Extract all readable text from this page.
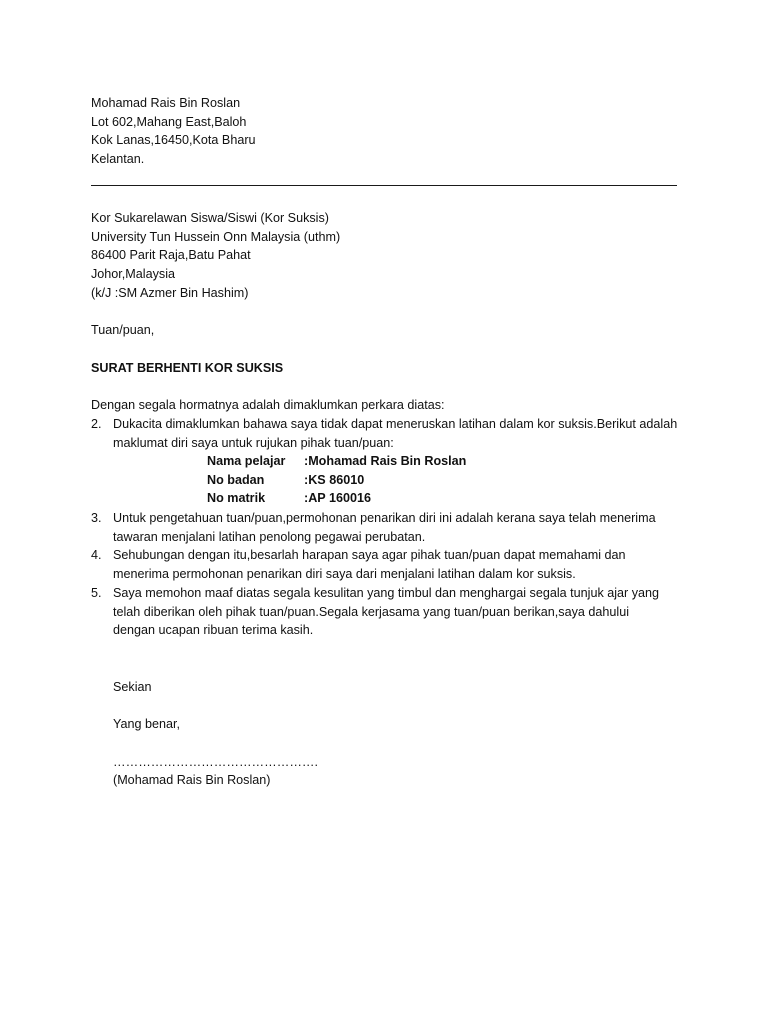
Mohamad Rais Bin Roslan
Lot 602,Mahang East,Baloh
Kok Lanas,16450,Kota Bharu
Kelantan.
Kor Sukarelawan Siswa/Siswi (Kor Suksis)
University Tun Hussein Onn Malaysia (uthm)
86400 Parit Raja,Batu Pahat
Johor,Malaysia
(k/J :SM Azmer Bin Hashim)
Tuan/puan,
SURAT BERHENTI KOR SUKSIS
Dengan segala hormatnya adalah dimaklumkan perkara diatas:
2. Dukacita dimaklumkan bahawa saya tidak dapat meneruskan latihan dalam kor suksis.Berikut adalah
maklumat diri saya untuk rujukan pihak tuan/puan:
Nama pelajar :Mohamad Rais Bin Roslan
No badan	:KS 86010
No matrik	:AP 160016
3. Untuk pengetahuan tuan/puan,permohonan penarikan diri ini adalah kerana saya telah menerima
tawaran menjalani latihan penolong pegawai perubatan.
4. Sehubungan dengan itu,besarlah harapan saya agar pihak tuan/puan dapat memahami dan
menerima permohonan penarikan diri saya dari menjalani latihan dalam kor suksis.
5. Saya memohon maaf diatas segala kesulitan yang timbul dan menghargai segala tunjuk ajar yang
telah diberikan oleh pihak tuan/puan.Segala kerjasama yang tuan/puan berikan,saya dahului
dengan ucapan ribuan terima kasih.
Sekian
Yang benar,
………………………………………….
(Mohamad Rais Bin Roslan)
